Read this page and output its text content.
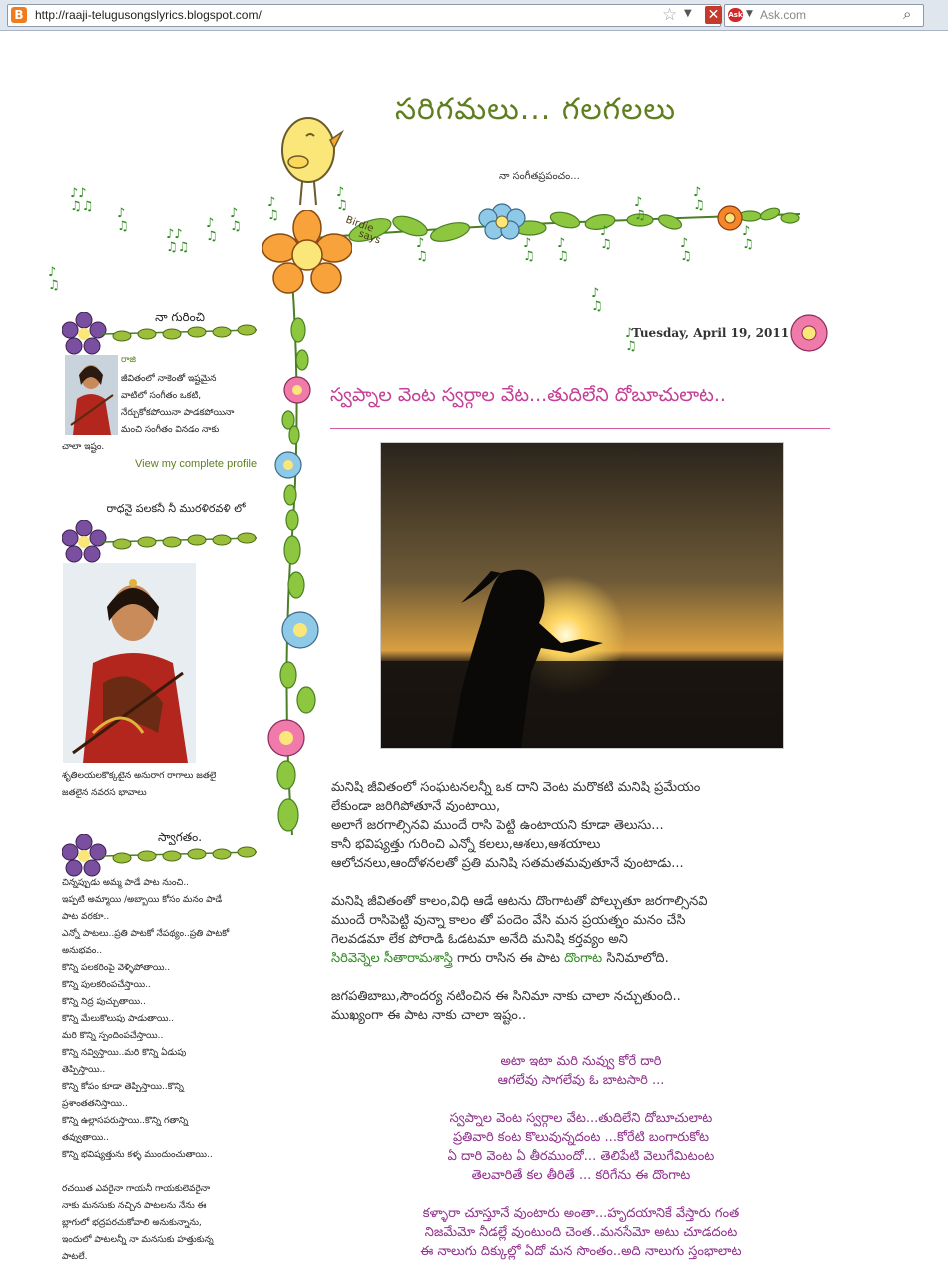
B http://raaji-telugusongslyrics.blogspot.com/	☆ ▼ ✕	Ask ▼ Ask.com	⌕
సరిగమలు... గలగలలు
నా సంగీతప్రపంచం...
Birdie
says
♪♪
♫♫ ♪
♫
♪♪
♫♫
♪
♫
♪
♫
♪
♫
♪
♫
♪
♫
♪
♫
♪
♫
♪
♫
♪
♫
♪
♫
♪
♫
♪
♫
♪
♫
♪
♫
♪
♫

నా గురించి
రాజి
జీవితంలో నాకెంతో ఇష్టమైన
వాటిలో సంగీతం ఒకటి,
నేర్చుకోకపోయినా పాడకపోయినా
మంచి సంగీతం వినడం నాకు
చాలా ఇష్టం.
View my complete profile
రాధనై పలకనీ నీ మురళిరవళి లో
శృతిలయలకొక్కటైన అనురాగ రాగాలు జతలై
జతలైన నవరస భావాలు
స్వాగతం.
చిన్నప్పుడు అమ్మ పాడే పాట నుంచి..
ఇప్పటి అమ్మాయి /అబ్బాయి కోసం మనం పాడే
పాట వరకూ..
ఎన్నో పాటలు..ప్రతి పాటకో నేపథ్యం..ప్రతి పాటకో
అనుభవం..
కొన్ని పలకరింపై వెళ్ళిపోతాయి..
కొన్ని పులకరింపచేస్తాయి..
కొన్ని నిద్ర పుచ్చుతాయి..
కొన్ని మేలుకొలుపు పాడుతాయి..
మరి కొన్ని స్పందింపచేస్తాయి..
కొన్ని నవ్విస్తాయి..మరి కొన్ని ఏడుపు
తెప్పిస్తాయి..
కొన్ని కోపం కూడా తెప్పిస్తాయి..కొన్ని
ప్రశాంతతనిస్తాయి..
కొన్ని ఉల్లాసపరుస్తాయి..కొన్ని గతాన్ని
తవ్వుతాయి..
కొన్ని భవిష్యత్తును కళ్ళ ముందుంచుతాయి..
రచయిత ఎవరైనా గాయనీ గాయకులెవరైనా
నాకు మనసుకు నచ్చిన పాటలను నేను ఈ
బ్లాగులో భద్రపరచుకోవాలి అనుకున్నాను,
ఇందులో పాటలన్నీ నా మనసుకు హత్తుకున్న
పాటలే.
Tuesday, April 19, 2011
స్వప్నాల వెంట స్వర్గాల వేట...తుదిలేని దోబూచులాట..

మనిషి జీవితంలో సంఘటనలన్నీ ఒక దాని వెంట మరొకటి మనిషి ప్రమేయం
లేకుండా జరిగిపోతూనే వుంటాయి,
అలాగే జరగాల్సినవి ముందే రాసి పెట్టి ఉంటాయని కూడా తెలుసు...
కానీ భవిష్యత్తు గురించి ఎన్నో కలలు,ఆశలు,ఆశయాలు
ఆలోచనలు,ఆందోళనలతో ప్రతి మనిషి సతమతమవుతూనే వుంటాడు...

మనిషి జీవితంతో కాలం,విధి ఆడే ఆటను దొంగాటతో పోల్చుతూ జరగాల్సినవి
ముందే రాసిపెట్టి వున్నా కాలం తో పందెం వేసి మన ప్రయత్నం మనం చేసి
గెలవడమా లేక పోరాడి ఓడటమా అనేది మనిషి కర్తవ్యం అని
సిరివెన్నెల సీతారామశాస్త్రి గారు రాసిన ఈ పాట దొంగాట సినిమాలోది.

జగపతిబాబు,సౌందర్య నటించిన ఈ సినిమా నాకు చాలా నచ్చుతుంది..
ముఖ్యంగా ఈ పాట నాకు చాలా ఇష్టం..

అటా ఇటా మరి నువ్వు కోరే దారి
ఆగలేవు సాగలేవు ఓ బాటసారి ...

స్వప్నాల వెంట స్వర్గాల వేట...తుదిలేని దోబూచులాట
ప్రతివారి కంట కొలువున్నదంట ...కోరేటి బంగారుకోట
ఏ దారి వెంట ఏ తీరముందో... తెలిపేటి వెలుగేమిటంట
తెలవారితే కల తీరితే ... కరిగేను ఈ దొంగాట

కళ్ళారా చూస్తూనే వుంటారు అంతా...హృదయానికే వేస్తారు గంత
నిజమేమో నీడల్లే వుంటుంది చెంత..మనసేమో అటు చూడదంట
ఈ నాలుగు దిక్కుల్లో ఏదో మన సొంతం..అది నాలుగు స్తంభాలాట
